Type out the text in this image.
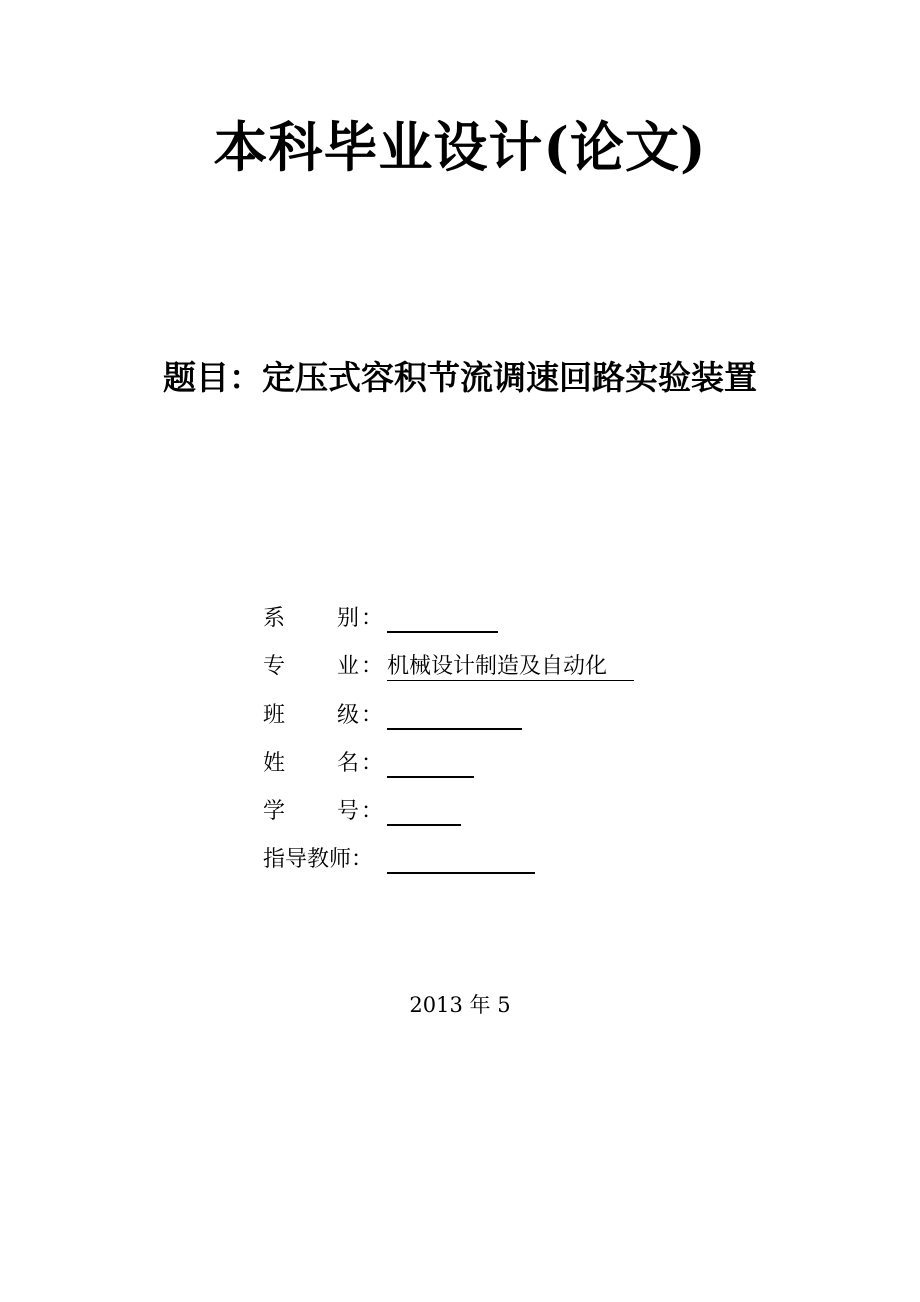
本科毕业设计(论文)
题目：定压式容积节流调速回路实验装置
系 别 ：
专 业 ： 机械设计制造及自动化
班 级 ：
姓 名 ：
学 号 ：
指导教师：
2013 年 5
